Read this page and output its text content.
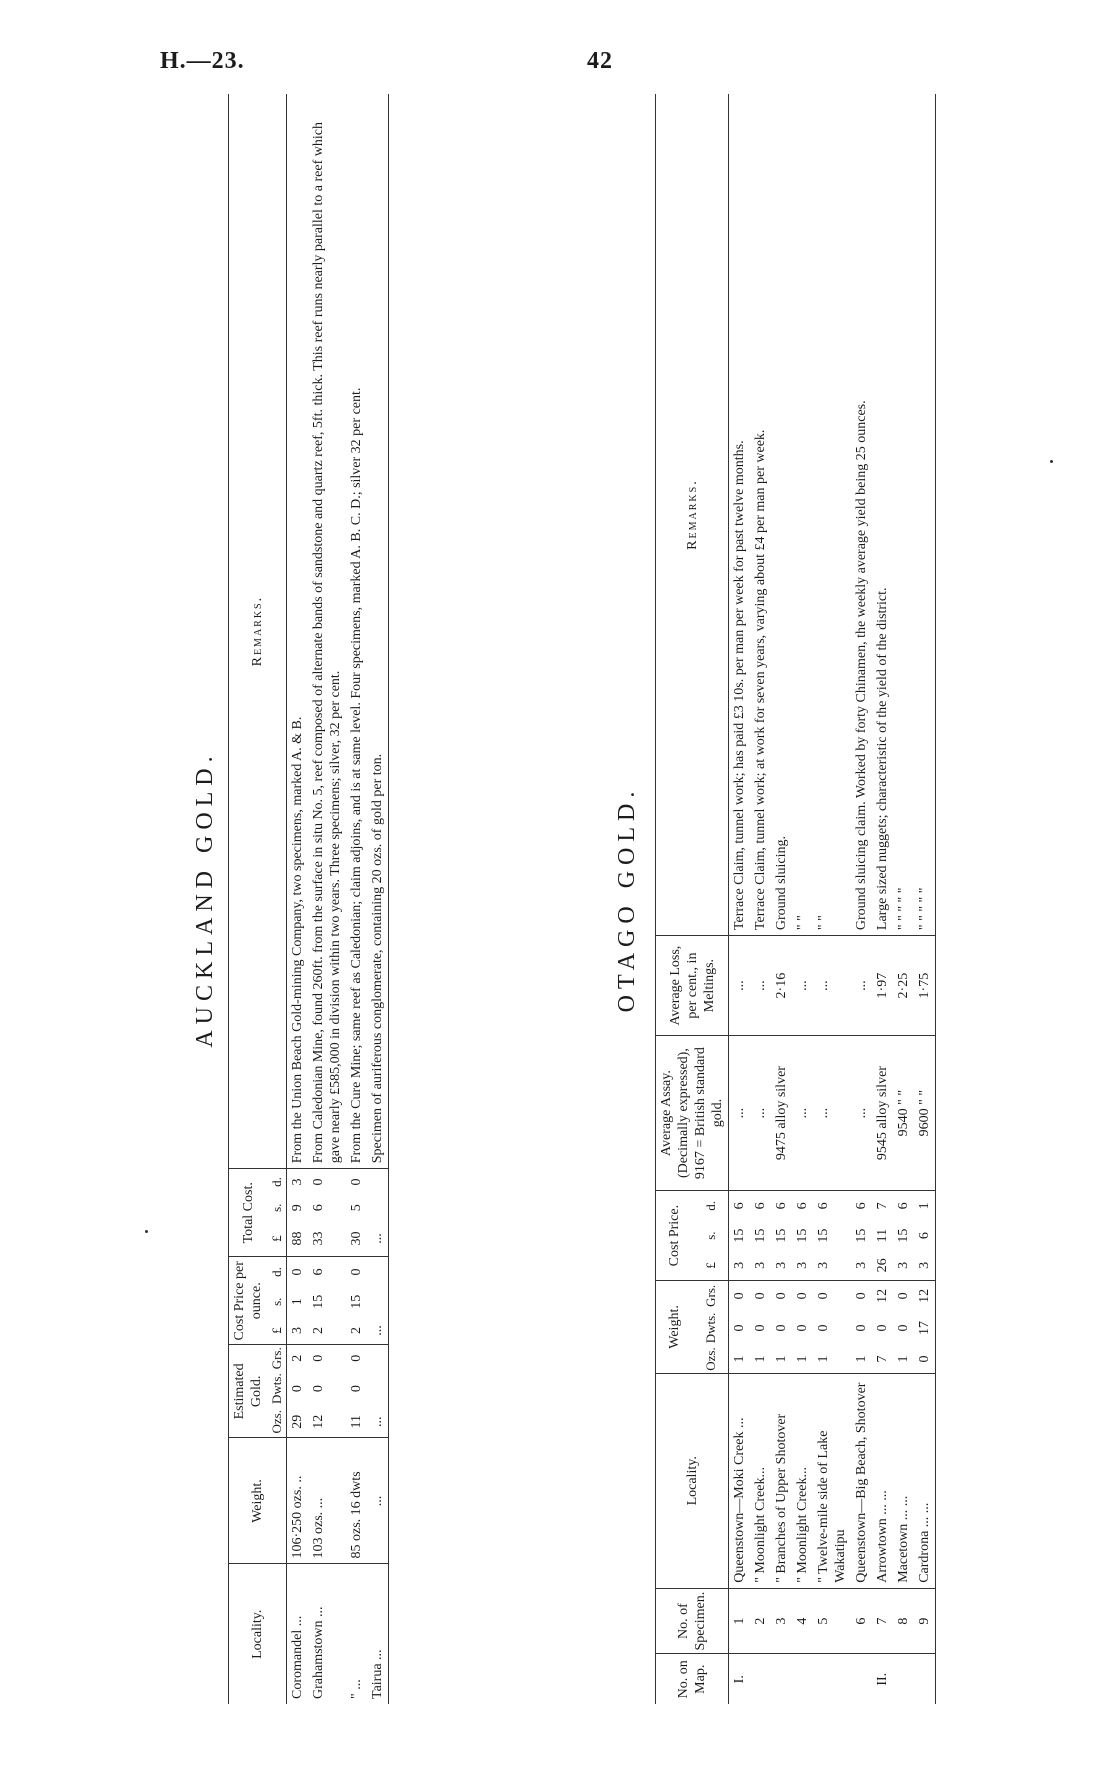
H.—23.	42
AUCKLAND GOLD.
Locality.	Weight.	Estimated Gold.			Cost Price per ounce.			Total Cost.			Remarks.
		Ozs.	Dwts.	Grs.	£	s.	d.	£	s.	d.	
Coromandel ...	106·250 ozs. ..	29	0	2	3	1	0	88	9	3	From the Union Beach Gold-mining Company, two specimens, marked A. & B.
Grahamstown ...	103 ozs. ...	12	0	0	2	15	6	33	6	0	From Caledonian Mine, found 260ft. from the surface in situ No. 5, reef composed of alternate bands of sandstone and quartz reef, 5ft. thick. This reef runs nearly parallel to a reef which gave nearly £585,000 in division within two years. Three specimens; silver, 32 per cent.
" ...	85 ozs. 16 dwts	11	0	0	2	15	0	30	5	0	From the Cure Mine; same reef as Caledonian; claim adjoins, and is at same level. Four specimens, marked A. B. C. D.; silver 32 per cent.
Tairua ...	...	...			...			...			Specimen of auriferous conglomerate, containing 20 ozs. of gold per ton.	OTAGO GOLD.
No. on Map.	No. of Specimen.	Locality.	Weight.			Cost Price.			Average Assay. (Decimally expressed), 9167 = British standard gold.	Average Loss, per cent., in Meltings.	Remarks.
			Ozs.	Dwts.	Grs.	£	s.	d.			
I.	1	Queenstown—Moki Creek ...	1	0	0	3	15	6	...	...	Terrace Claim, tunnel work; has paid £3 10s. per man per week for past twelve months.
	2	" Moonlight Creek...	1	0	0	3	15	6	...	...	Terrace Claim, tunnel work; at work for seven years, varying about £4 per man per week.
	3	" Branches of Upper Shotover	1	0	0	3	15	6	9475 alloy silver	2·16	Ground sluicing.
	4	" Moonlight Creek...	1	0	0	3	15	6	...	...	" "
	5	" Twelve-mile side of Lake Wakatipu	1	0	0	3	15	6	...	...	" "
	6	Queenstown—Big Beach, Shotover	1	0	0	3	15	6	...	...	Ground sluicing claim. Worked by forty Chinamen, the weekly average yield being 25 ounces.
II.	7	Arrowtown ... ...	7	0	12	26	11	7	9545 alloy silver	1·97	Large sized nuggets; characteristic of the yield of the district.
	8	Macetown ... ...	1	0	0	3	15	6	9540 " "	2·25	" " " " "
	9	Cardrona ... ...	0	17	12	3	6	1	9600 " "	1·75	" " " " "
